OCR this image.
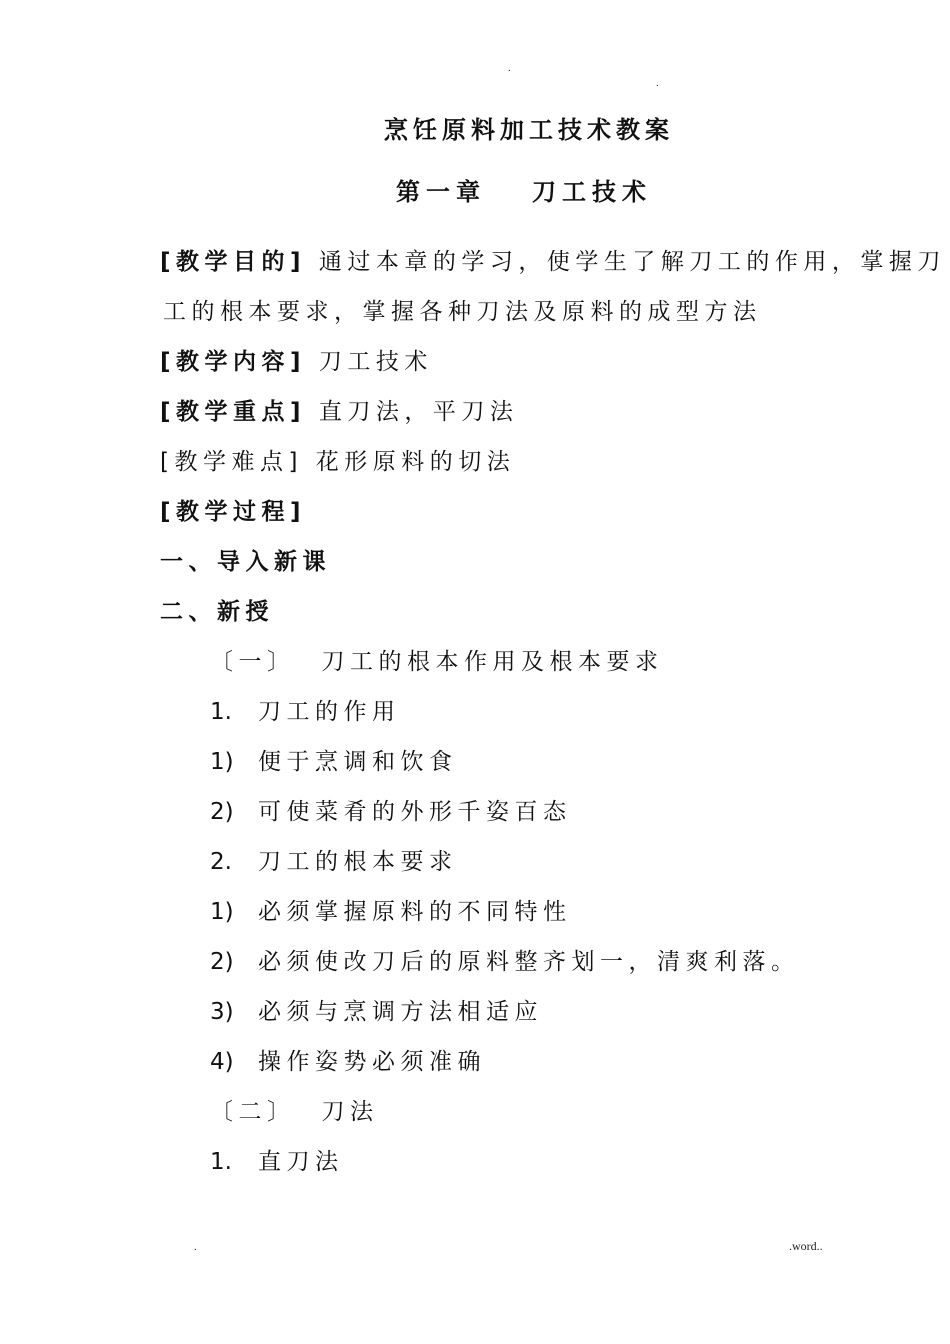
.
.
烹饪原料加工技术教案
第一章 刀工技术
[教学目的] 通过本章的学习，使学生了解刀工的作用，掌握刀
工的根本要求，掌握各种刀法及原料的成型方法
[教学内容] 刀工技术
[教学重点] 直刀法，平刀法
[教学难点] 花形原料的切法
[教学过程]
一、导入新课
二、新授
〔一〕 刀工的根本作用及根本要求
1. 刀工的作用
1) 便于烹调和饮食
2) 可使菜肴的外形千姿百态
2. 刀工的根本要求
1) 必须掌握原料的不同特性
2) 必须使改刀后的原料整齐划一，清爽利落。
3) 必须与烹调方法相适应
4) 操作姿势必须准确
〔二〕 刀法
1. 直刀法
.	.word..
